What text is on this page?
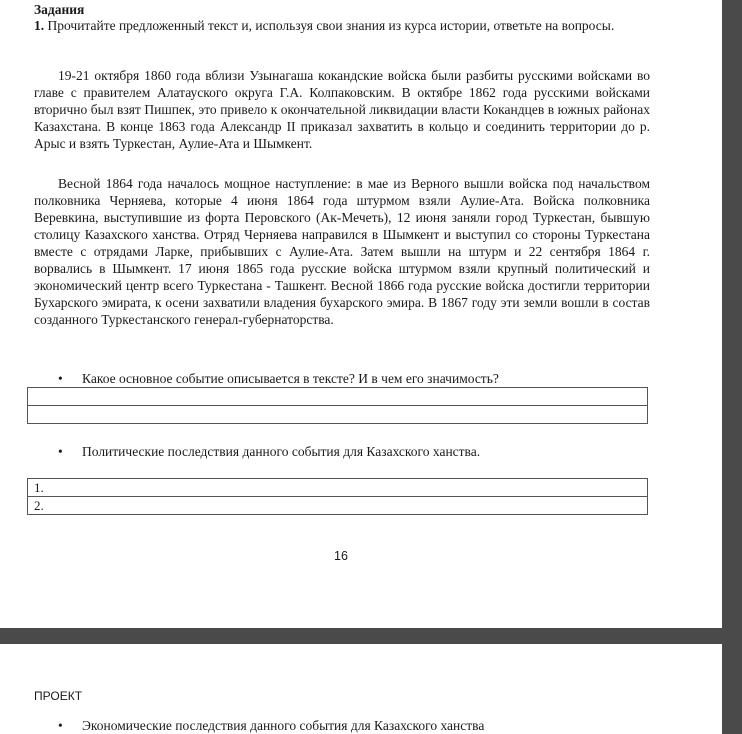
Задания
1. Прочитайте предложенный текст и, используя свои знания из курса истории, ответьте на вопросы.

19-21 октября 1860 года вблизи Узынагаша кокандские войска были разбиты русскими войсками во главе с правителем Алатауского округа Г.А. Колпаковским. В октябре 1862 года русскими войсками вторично был взят Пишпек, это привело к окончательной ликвидации власти Кокандцев в южных районах Казахстана. В конце 1863 года Александр II приказал захватить в кольцо и соединить территории до р. Арыс и взять Туркестан, Аулие-Ата и Шымкент.

Весной 1864 года началось мощное наступление: в мае из Верного вышли войска под начальством полковника Черняева, которые 4 июня 1864 года штурмом взяли Аулие-Ата. Войска полковника Веревкина, выступившие из форта Перовского (Ак-Мечеть), 12 июня заняли город Туркестан, бывшую столицу Казахского ханства. Отряд Черняева направился в Шымкент и выступил со стороны Туркестана вместе с отрядами Ларке, прибывших с Аулие-Ата. Затем вышли на штурм и 22 сентября 1864 г. ворвались в Шымкент. 17 июня 1865 года русские войска штурмом взяли крупный политический и экономический центр всего Туркестана - Ташкент. Весной 1866 года русские войска достигли территории Бухарского эмирата, к осени захватили владения бухарского эмира. В 1867 году эти земли вошли в состав созданного Туркестанского генерал-губернаторства.

• Какое основное событие описывается в тексте? И в чем его значимость?
• Политические последствия данного события для Казахского ханства.
1.
2.
16
ПРОЕКТ
• Экономические последствия данного события для Казахского ханства
